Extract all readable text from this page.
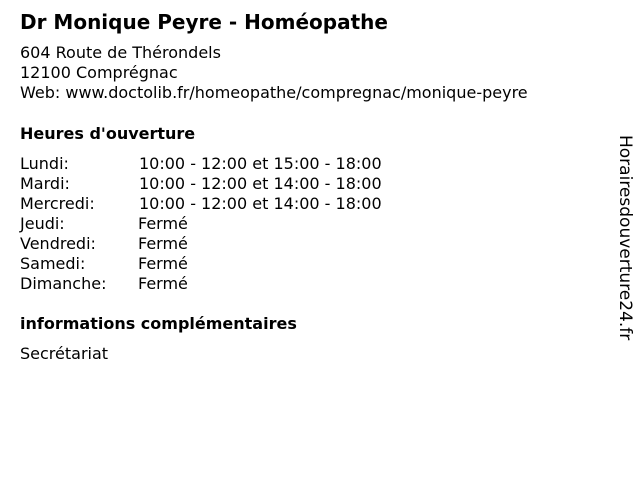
Dr Monique Peyre - Homéopathe
604 Route de Thérondels
12100 Comprégnac
Web: www.doctolib.fr/homeopathe/compregnac/monique-peyre
Heures d'ouverture
Lundi:	10:00 - 12:00 et 15:00 - 18:00
Mardi:	10:00 - 12:00 et 14:00 - 18:00
Mercredi:	10:00 - 12:00 et 14:00 - 18:00
Jeudi:	Fermé
Vendredi:	Fermé
Samedi:	Fermé
Dimanche: Fermé
informations complémentaires
Secrétariat
Horairesdouverture24.fr
